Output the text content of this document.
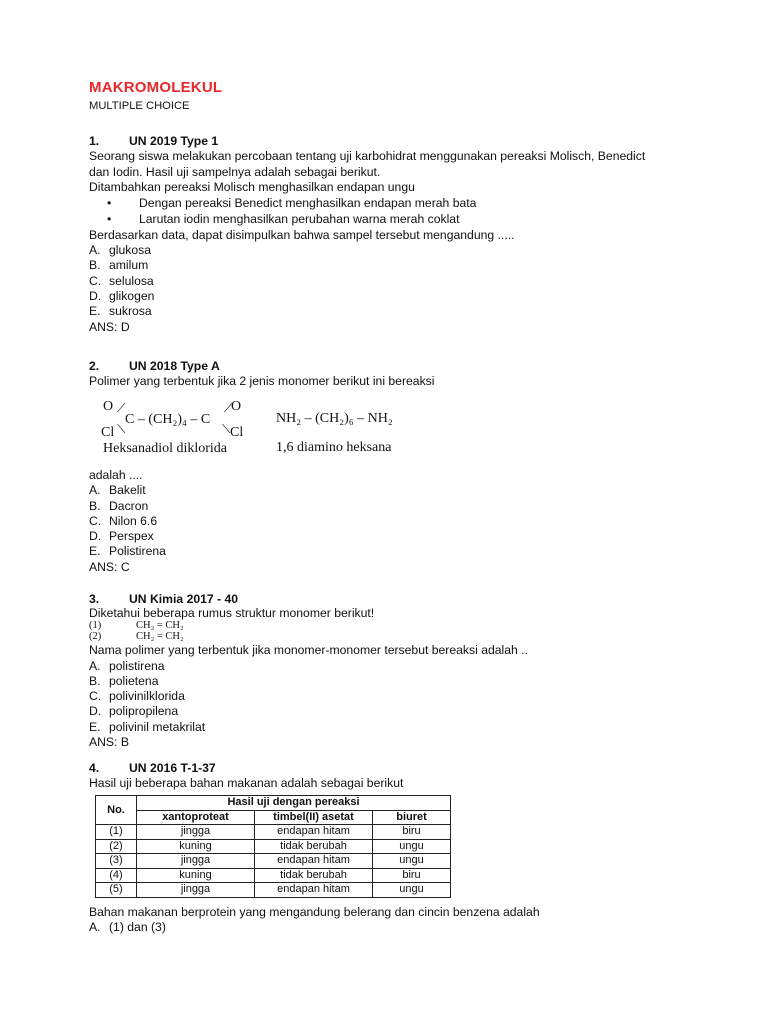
MAKROMOLEKUL
MULTIPLE CHOICE
1. UN 2019 Type 1
Seorang siswa melakukan percobaan tentang uji karbohidrat menggunakan pereaksi Molisch, Benedict
dan Iodin. Hasil uji sampelnya adalah sebagai berikut.
Ditambahkan pereaksi Molisch menghasilkan endapan ungu
• Dengan pereaksi Benedict menghasilkan endapan merah bata
• Larutan iodin menghasilkan perubahan warna merah coklat
Berdasarkan data, dapat disimpulkan bahwa sampel tersebut mengandung .....
A. glukosa
B. amilum
C. selulosa
D. glikogen
E. sukrosa
ANS: D
2. UN 2018 Type A
Polimer yang terbentuk jika 2 jenis monomer berikut ini bereaksi
O ⟋	O
⟋
C – (CH₂)₄ – C
Cl ⟍	Cl
⟍
Heksanadiol diklorida
NH₂ – (CH₂)₆ – NH₂
1,6 diamino heksana
adalah ....
A. Bakelit
B. Dacron
C. Nilon 6.6
D. Perspex
E. Polistirena
ANS: C
3. UN Kimia 2017 - 40
Diketahui beberapa rumus struktur monomer berikut!
(1)	CH₂ = CH₂
(2)	CH₂ = CH₂
Nama polimer yang terbentuk jika monomer-monomer tersebut bereaksi adalah ..
A. polistirena
B. polietena
C. polivinilklorida
D. polipropilena
E. polivinil metakrilat
ANS: B
4. UN 2016 T-1-37
Hasil uji beberapa bahan makanan adalah sebagai berikut
No.	Hasil uji dengan pereaksi		
	xantoproteat	timbel(II) asetat	biuret
(1)	jingga	endapan hitam	biru
(2)	kuning	tidak berubah	ungu
(3)	jingga	endapan hitam	ungu
(4)	kuning	tidak berubah	biru
(5)	jingga	endapan hitam	ungu
Bahan makanan berprotein yang mengandung belerang dan cincin benzena adalah
A. (1) dan (3)
